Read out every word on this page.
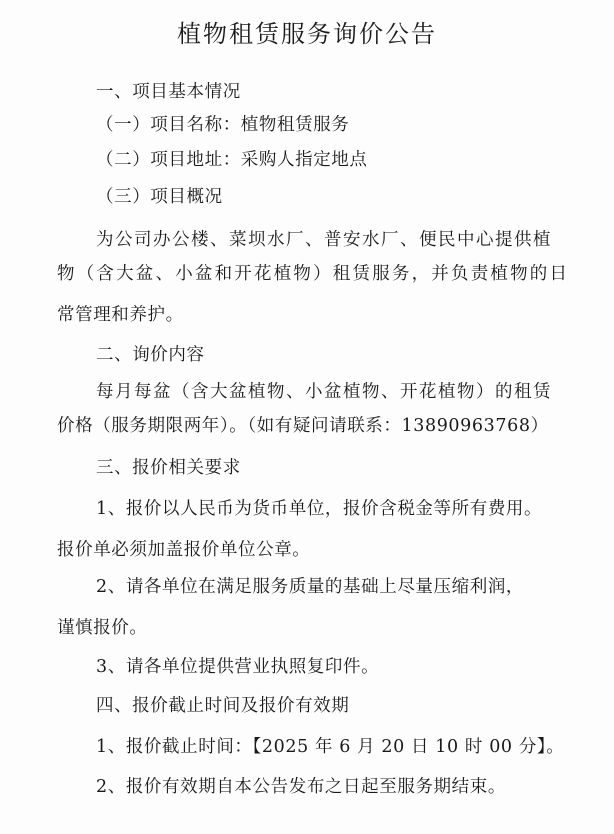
植物租赁服务询价公告
一、项目基本情况
（一）项目名称：植物租赁服务
（二）项目地址：采购人指定地点
（三）项目概况
为公司办公楼、菜坝水厂、普安水厂、便民中心提供植
物（含大盆、小盆和开花植物）租赁服务，并负责植物的日
常管理和养护。
二、询价内容
每月每盆（含大盆植物、小盆植物、开花植物）的租赁
价格（服务期限两年）。（如有疑问请联系：13890963768）
三、报价相关要求
1、报价以人民币为货币单位，报价含税金等所有费用。
报价单必须加盖报价单位公章。
2、请各单位在满足服务质量的基础上尽量压缩利润，
谨慎报价。
3、请各单位提供营业执照复印件。
四、报价截止时间及报价有效期
1、报价截止时间：【2025 年 6 月 20 日 10 时 00 分】。
2、报价有效期自本公告发布之日起至服务期结束。
